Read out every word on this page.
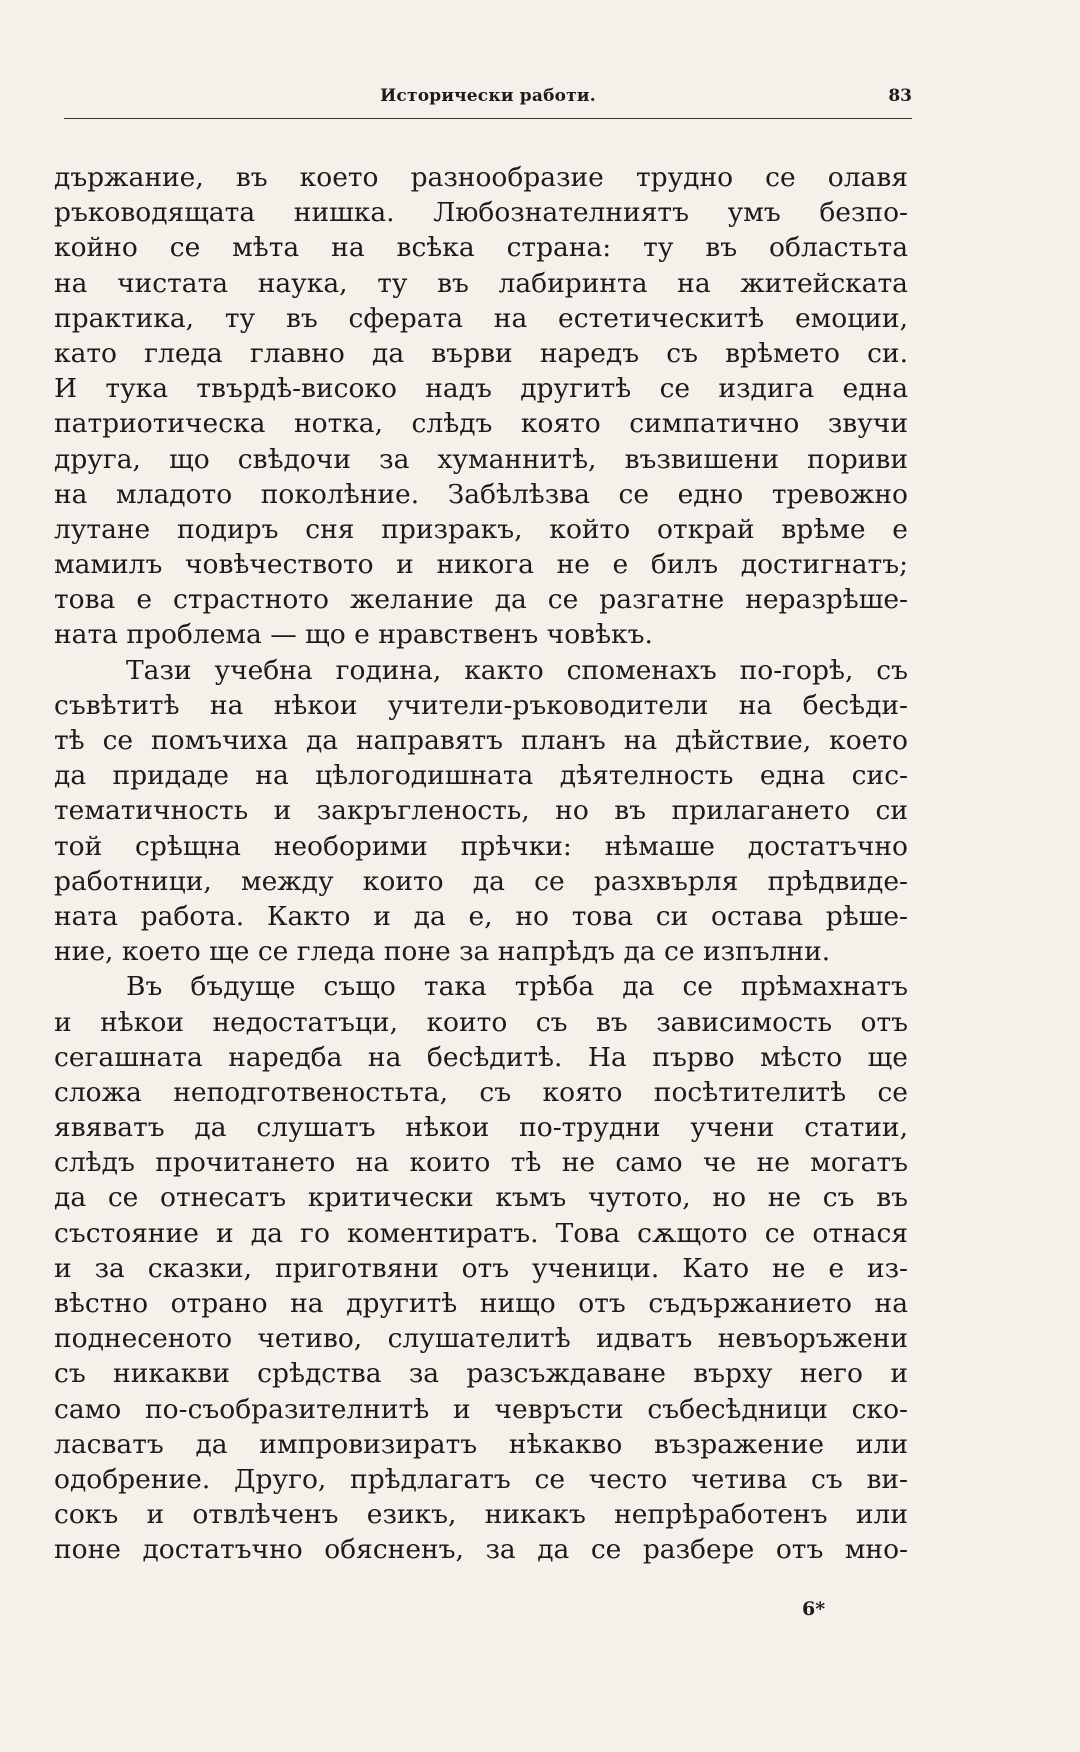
Исторически работи.	83
държание, въ което разнообразие трудно се олавя
ръководящата нишка. Любознателниятъ умъ безпо-
койно се мѣта на всѣка страна: ту въ областьта
на чистата наука, ту въ лабиринта на житейската
практика, ту въ сферата на естетическитѣ емоции,
като гледа главно да върви наредъ съ врѣмето си.
И тука твърдѣ-високо надъ другитѣ се издига една
патриотическа нотка, слѣдъ която симпатично звучи
друга, що свѣдочи за хуманнитѣ, възвишени пориви
на младото поколѣние. Забѣлѣзва се едно тревожно
лутане подиръ сня призракъ, който открай врѣме е
мамилъ човѣчеството и никога не е билъ достигнатъ;
това е страстното желание да се разгатне неразрѣше-
ната проблема — що е нравственъ човѣкъ.
Тази учебна година, както споменахъ по-горѣ, съ
съвѣтитѣ на нѣкои учители-ръководители на бесѣди-
тѣ се помъчиха да направятъ планъ на дѣйствие, което
да придаде на цѣлогодишната дѣятелность една сис-
тематичность и закръгленость, но въ прилагането си
той срѣщна необорими прѣчки: нѣмаше достатъчно
работници, между които да се разхвърля прѣдвиде-
ната работа. Както и да е, но това си остава рѣше-
ние, което ще се гледа поне за напрѣдъ да се изпълни.
Въ бъдуще също така трѣба да се прѣмахнатъ
и нѣкои недостатъци, които съ въ зависимость отъ
сегашната наредба на бесѣдитѣ. На първо мѣсто ще
сложа неподготвеностьта, съ която посѣтителитѣ се
явяватъ да слушатъ нѣкои по-трудни учени статии,
слѣдъ прочитането на които тѣ не само че не могатъ
да се отнесатъ критически къмъ чутото, но не съ въ
състояние и да го коментиратъ. Това сѫщото се отнася
и за сказки, приготвяни отъ ученици. Като не е из-
вѣстно отрано на другитѣ нищо отъ съдържанието на
поднесеното четиво, слушателитѣ идватъ невъоръжени
съ никакви срѣдства за разсъждаване върху него и
само по-съобразителнитѣ и чевръсти събесѣдници ско-
ласватъ да импровизиратъ нѣкакво възражение или
одобрение. Друго, прѣдлагатъ се често четива съ ви-
сокъ и отвлѣченъ езикъ, никакъ непрѣработенъ или
поне достатъчно обясненъ, за да се разбере отъ мно-
6*
